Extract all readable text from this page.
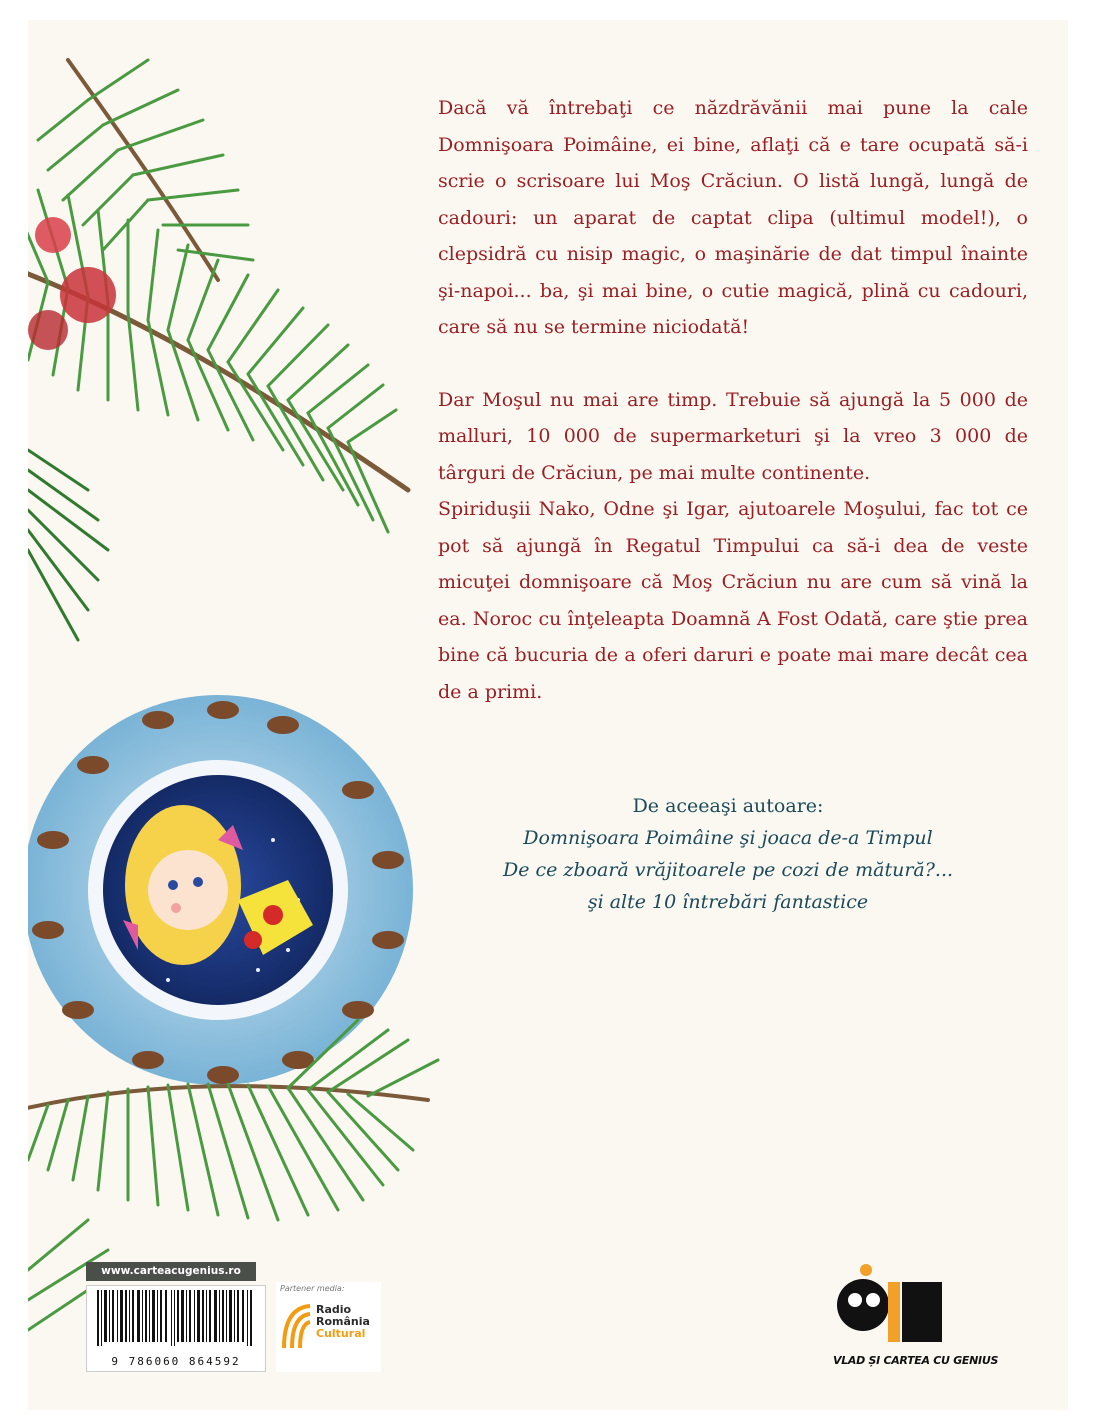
Dacă vă întrebaţi ce năzdrăvănii mai pune la cale Domnişoara Poimâine, ei bine, aflaţi că e tare ocupată să-i scrie o scrisoare lui Moş Crăciun. O listă lungă, lungă de cadouri: un aparat de captat clipa (ultimul model!), o clepsidră cu nisip magic, o maşinărie de dat timpul înainte şi-napoi... ba, şi mai bine, o cutie magică, plină cu cadouri, care să nu se termine niciodată!

Dar Moşul nu mai are timp. Trebuie să ajungă la 5 000 de malluri, 10 000 de supermarketuri şi la vreo 3 000 de târguri de Crăciun, pe mai multe continente.

Spiriduşii Nako, Odne şi Igar, ajutoarele Moşului, fac tot ce pot să ajungă în Regatul Timpului ca să-i dea de veste micuţei domnişoare că Moş Crăciun nu are cum să vină la ea. Noroc cu înţeleapta Doamnă A Fost Odată, care ştie prea bine că bucuria de a oferi daruri e poate mai mare decât cea de a primi.

De aceeaşi autoare:
Domnişoara Poimâine şi joaca de-a Timpul
De ce zboară vrăjitoarele pe cozi de mătură?...
şi alte 10 întrebări fantastice
www.carteacugenius.ro
9 786060 864592
Partener media:
Radio
România
Cultural
VLAD ȘI CARTEA CU GENIUS
